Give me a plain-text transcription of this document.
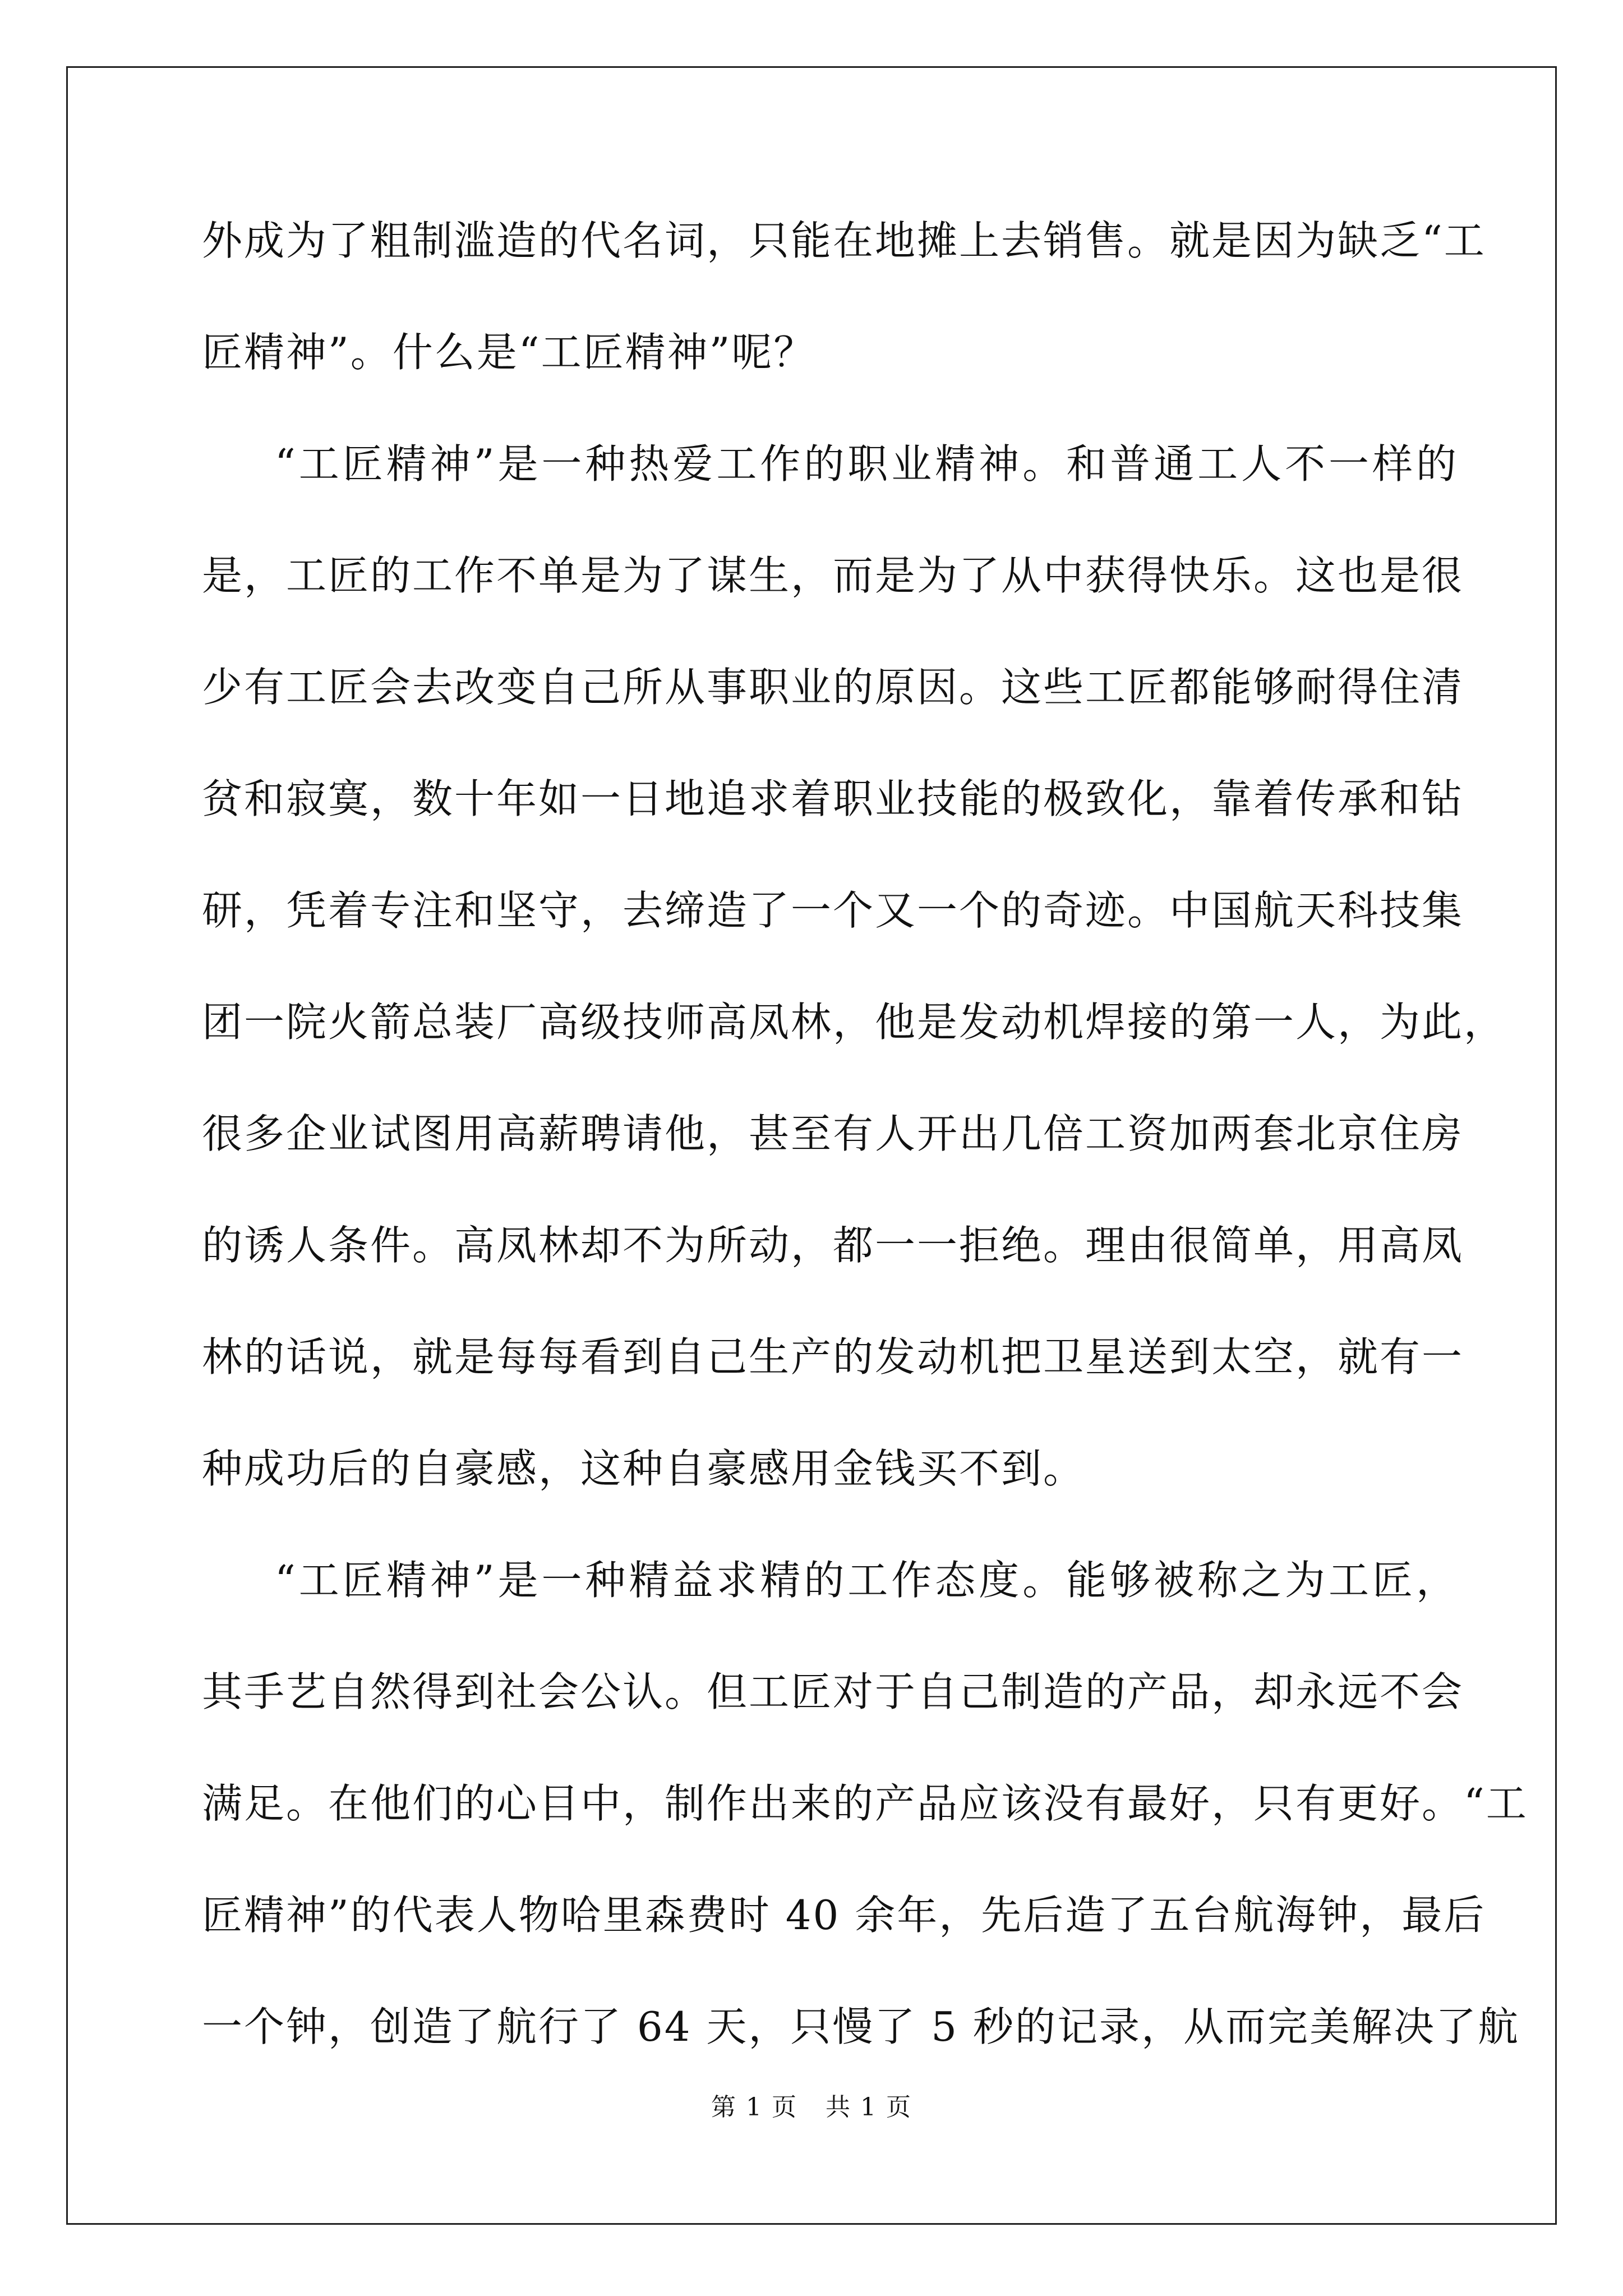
外成为了粗制滥造的代名词，只能在地摊上去销售。就是因为缺乏“工
匠精神”。什么是“工匠精神”呢？
“工匠精神”是一种热爱工作的职业精神。和普通工人不一样的
是，工匠的工作不单是为了谋生，而是为了从中获得快乐。这也是很
少有工匠会去改变自己所从事职业的原因。这些工匠都能够耐得住清
贫和寂寞，数十年如一日地追求着职业技能的极致化，靠着传承和钻
研，凭着专注和坚守，去缔造了一个又一个的奇迹。中国航天科技集
团一院火箭总装厂高级技师高凤林，他是发动机焊接的第一人，为此，
很多企业试图用高薪聘请他，甚至有人开出几倍工资加两套北京住房
的诱人条件。高凤林却不为所动，都一一拒绝。理由很简单，用高凤
林的话说，就是每每看到自己生产的发动机把卫星送到太空，就有一
种成功后的自豪感，这种自豪感用金钱买不到。
“工匠精神”是一种精益求精的工作态度。能够被称之为工匠，
其手艺自然得到社会公认。但工匠对于自己制造的产品，却永远不会
满足。在他们的心目中，制作出来的产品应该没有最好，只有更好。“工
匠精神”的代表人物哈里森费时 40 余年，先后造了五台航海钟，最后
一个钟，创造了航行了 64 天，只慢了 5 秒的记录，从而完美解决了航
第 1 页 共 1 页
